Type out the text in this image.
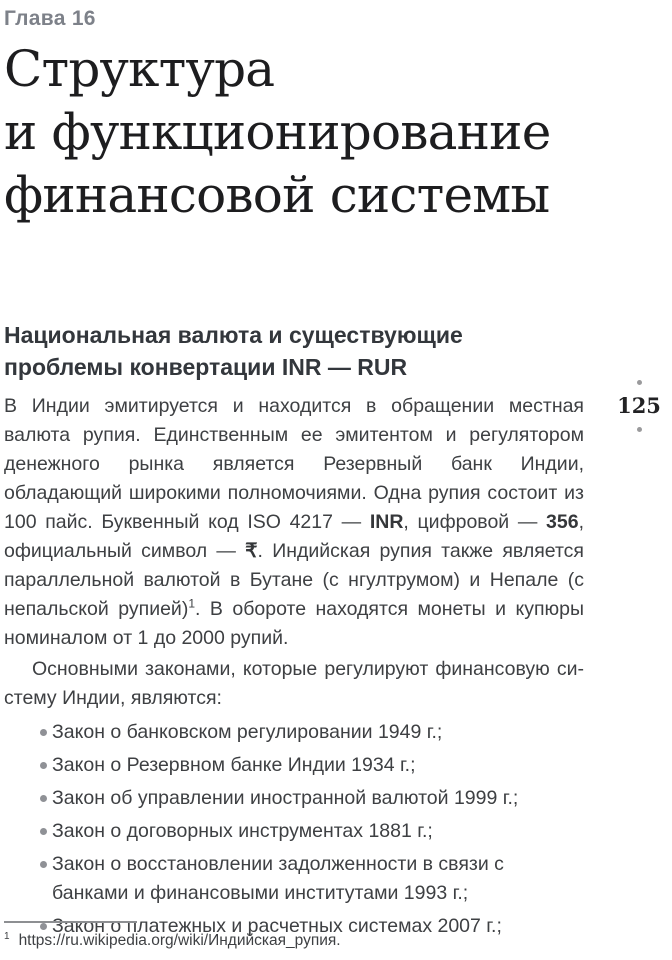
Глава 16
Структура
и функционирование
финансовой системы
Национальная валюта и существующие
проблемы конвертации INR — RUR

В Индии эмитируется и находится в обращении местная валюта рупия. Единственным ее эмитентом и регулятором денежного рынка является Резервный банк Индии, обладающий широкими полномочиями. Одна рупия состоит из 100 пайс. Буквенный код ISO 4217 — INR, цифровой — 356, официальный символ — ₹. Индийская рупия также является параллельной валютой в Бутане (с нгултрумом) и Непале (с непальской рупией)$^1$. В обороте находятся монеты и купюры номиналом от 1 до 2000 рупий.

Основными законами, которые регулируют финансовую систему Индии, являются:

Закон о банковском регулировании 1949 г.;
Закон о Резервном банке Индии 1934 г.;
Закон об управлении иностранной валютой 1999 г.;
Закон о договорных инструментах 1881 г.;
Закон о восстановлении задолженности в связи с банками и финансовыми институтами 1993 г.;
Закон о платежных и расчетных системах 2007 г.;
$^1$ https://ru.wikipedia.org/wiki/Индийская_рупия.
125
